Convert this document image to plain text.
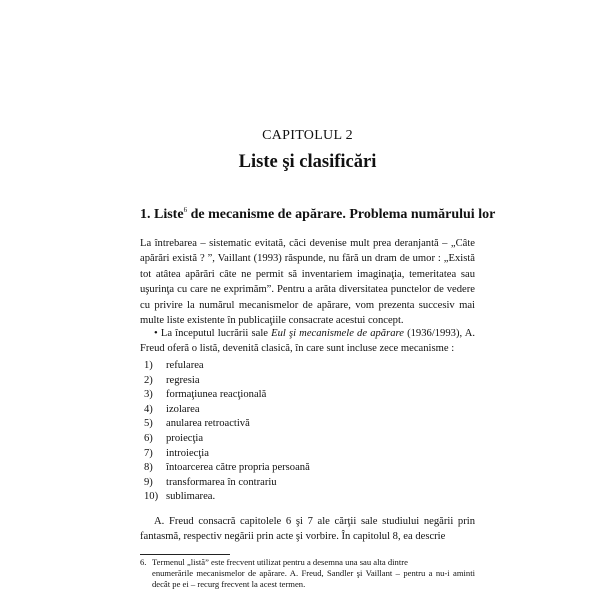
CAPITOLUL 2
Liste şi clasificări
1. Liste$^6$ de mecanisme de apărare. Problema numărului lor
La întrebarea – sistematic evitată, căci devenise mult prea deranjantă – „Câte apărări există ? ”, Vaillant (1993) răspunde, nu fără un dram de umor : „Există tot atâtea apărări câte ne permit să inventariem imaginaţia, temeritatea sau uşurinţa cu care ne exprimăm”. Pentru a arăta diversitatea punctelor de vedere cu privire la numărul mecanismelor de apărare, vom prezenta succesiv mai multe liste existente în publicaţiile consacrate acestui concept.
• La începutul lucrării sale Eul şi mecanismele de apărare (1936/1993), A. Freud oferă o listă, devenită clasică, în care sunt incluse zece mecanisme :
1)	refularea
2)	regresia
3)	formaţiunea reacţională
4)	izolarea
5)	anularea retroactivă
6)	proiecţia
7)	introiecţia
8)	întoarcerea către propria persoană
9)	transformarea în contrariu
10) sublimarea.
A. Freud consacră capitolele 6 şi 7 ale cărţii sale studiului negării prin fantasmă, respectiv negării prin acte şi vorbire. În capitolul 8, ea descrie
6. Termenul „listă” este frecvent utilizat pentru a desemna una sau alta dintre
enumerările mecanismelor de apărare. A. Freud, Sandler şi Vaillant – pentru a nu-i aminti decât pe ei – recurg frecvent la acest termen.
